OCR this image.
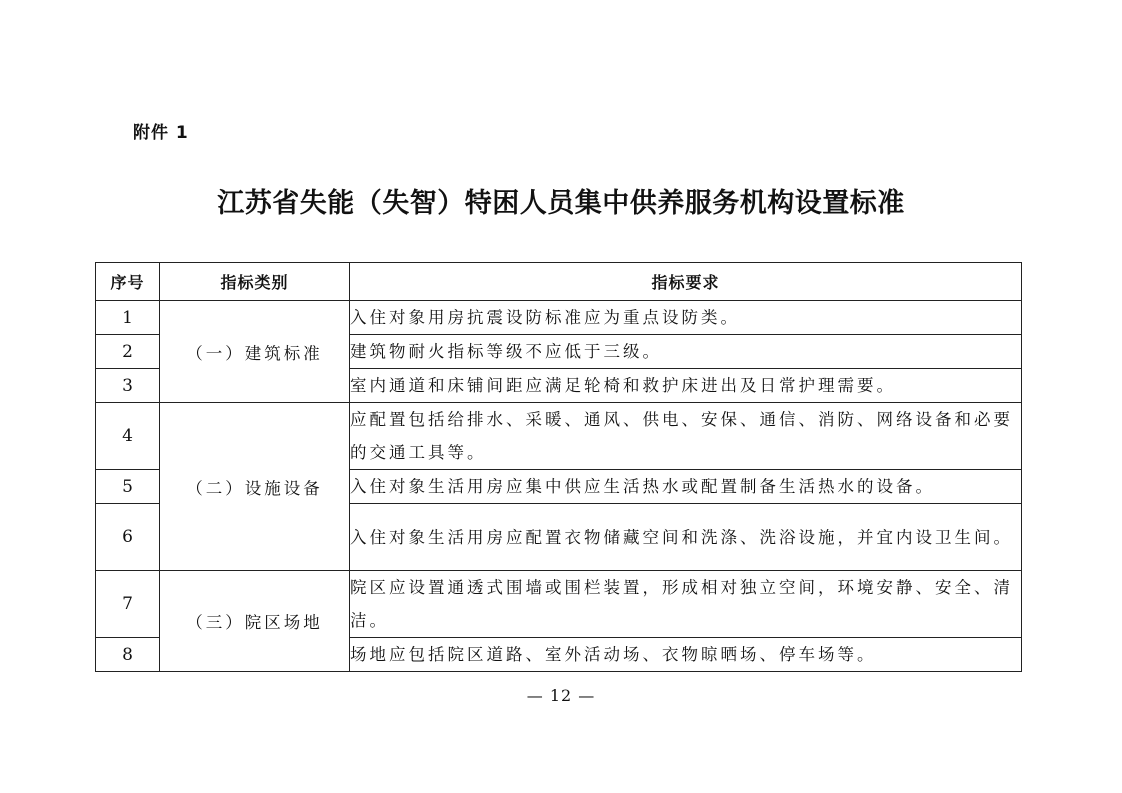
附件 1
江苏省失能（失智）特困人员集中供养服务机构设置标准
序号	指标类别	指标要求
1	（一）建筑标准	入住对象用房抗震设防标准应为重点设防类。
2		建筑物耐火指标等级不应低于三级。
3		室内通道和床铺间距应满足轮椅和救护床进出及日常护理需要。
4	（二）设施设备	应配置包括给排水、采暖、通风、供电、安保、通信、消防、网络设备和必要的交通工具等。
5		入住对象生活用房应集中供应生活热水或配置制备生活热水的设备。
6		入住对象生活用房应配置衣物储藏空间和洗涤、洗浴设施，并宜内设卫生间。
7	（三）院区场地	院区应设置通透式围墙或围栏装置，形成相对独立空间，环境安静、安全、清洁。
8		场地应包括院区道路、室外活动场、衣物晾晒场、停车场等。
— 12 —
